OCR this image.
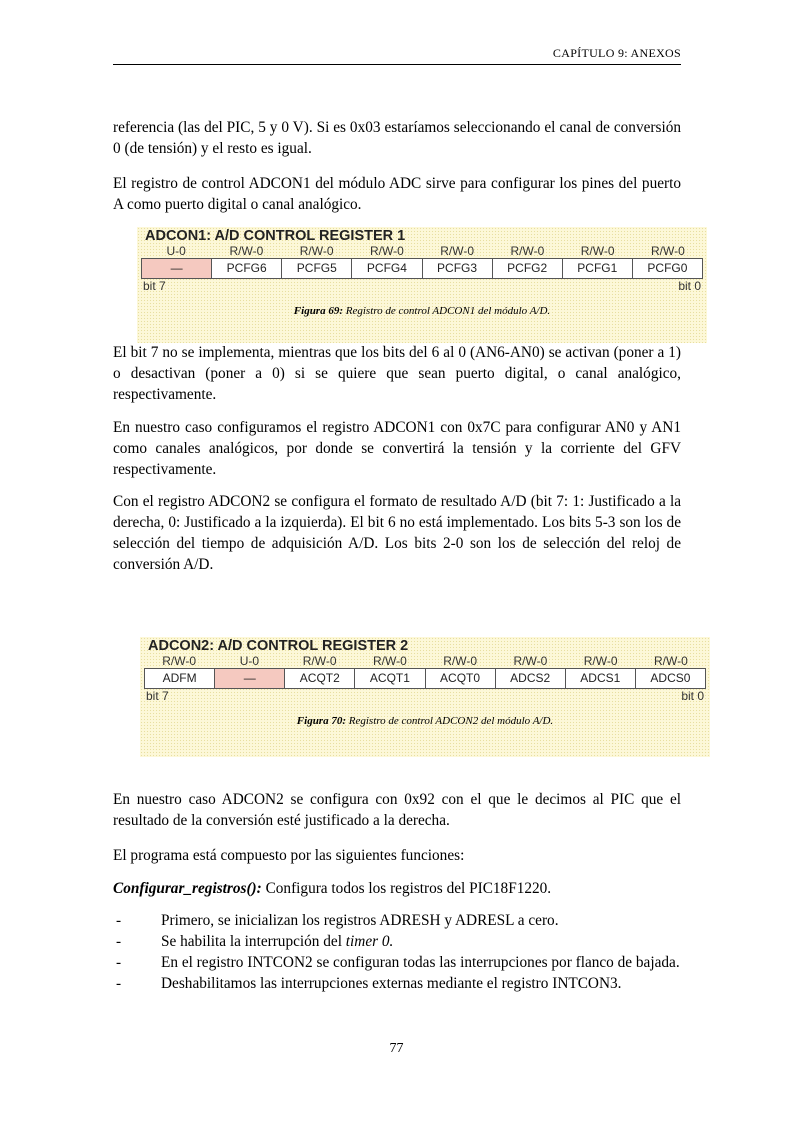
CAPÍTULO 9: ANEXOS

referencia (las del PIC, 5 y 0 V). Si es 0x03 estaríamos seleccionando el canal de conversión 0 (de tensión) y el resto es igual.

El registro de control ADCON1 del módulo ADC sirve para configurar los pines del puerto A como puerto digital o canal analógico.

ADCON1: A/D CONTROL REGISTER 1
U-0	R/W-0	R/W-0	R/W-0	R/W-0	R/W-0	R/W-0	R/W-0
—	PCFG6	PCFG5	PCFG4	PCFG3	PCFG2	PCFG1	PCFG0
bit 7	bit 0
Figura 69: Registro de control ADCON1 del módulo A/D.

El bit 7 no se implementa, mientras que los bits del 6 al 0 (AN6-AN0) se activan (poner a 1) o desactivan (poner a 0) si se quiere que sean puerto digital, o canal analógico, respectivamente.

En nuestro caso configuramos el registro ADCON1 con 0x7C para configurar AN0 y AN1 como canales analógicos, por donde se convertirá la tensión y la corriente del GFV respectivamente.

Con el registro ADCON2 se configura el formato de resultado A/D (bit 7: 1: Justificado a la derecha, 0: Justificado a la izquierda). El bit 6 no está implementado. Los bits 5-3 son los de selección del tiempo de adquisición A/D. Los bits 2-0 son los de selección del reloj de conversión A/D.

ADCON2: A/D CONTROL REGISTER 2
R/W-0	U-0	R/W-0	R/W-0	R/W-0	R/W-0	R/W-0	R/W-0
ADFM	—	ACQT2	ACQT1	ACQT0	ADCS2	ADCS1	ADCS0
bit 7	bit 0
Figura 70: Registro de control ADCON2 del módulo A/D.

En nuestro caso ADCON2 se configura con 0x92 con el que le decimos al PIC que el resultado de la conversión esté justificado a la derecha.

El programa está compuesto por las siguientes funciones:

Configurar_registros(): Configura todos los registros del PIC18F1220.

- Primero, se inicializan los registros ADRESH y ADRESL a cero.
- Se habilita la interrupción del timer 0.
- En el registro INTCON2 se configuran todas las interrupciones por flanco de bajada.
- Deshabilitamos las interrupciones externas mediante el registro INTCON3.
77
